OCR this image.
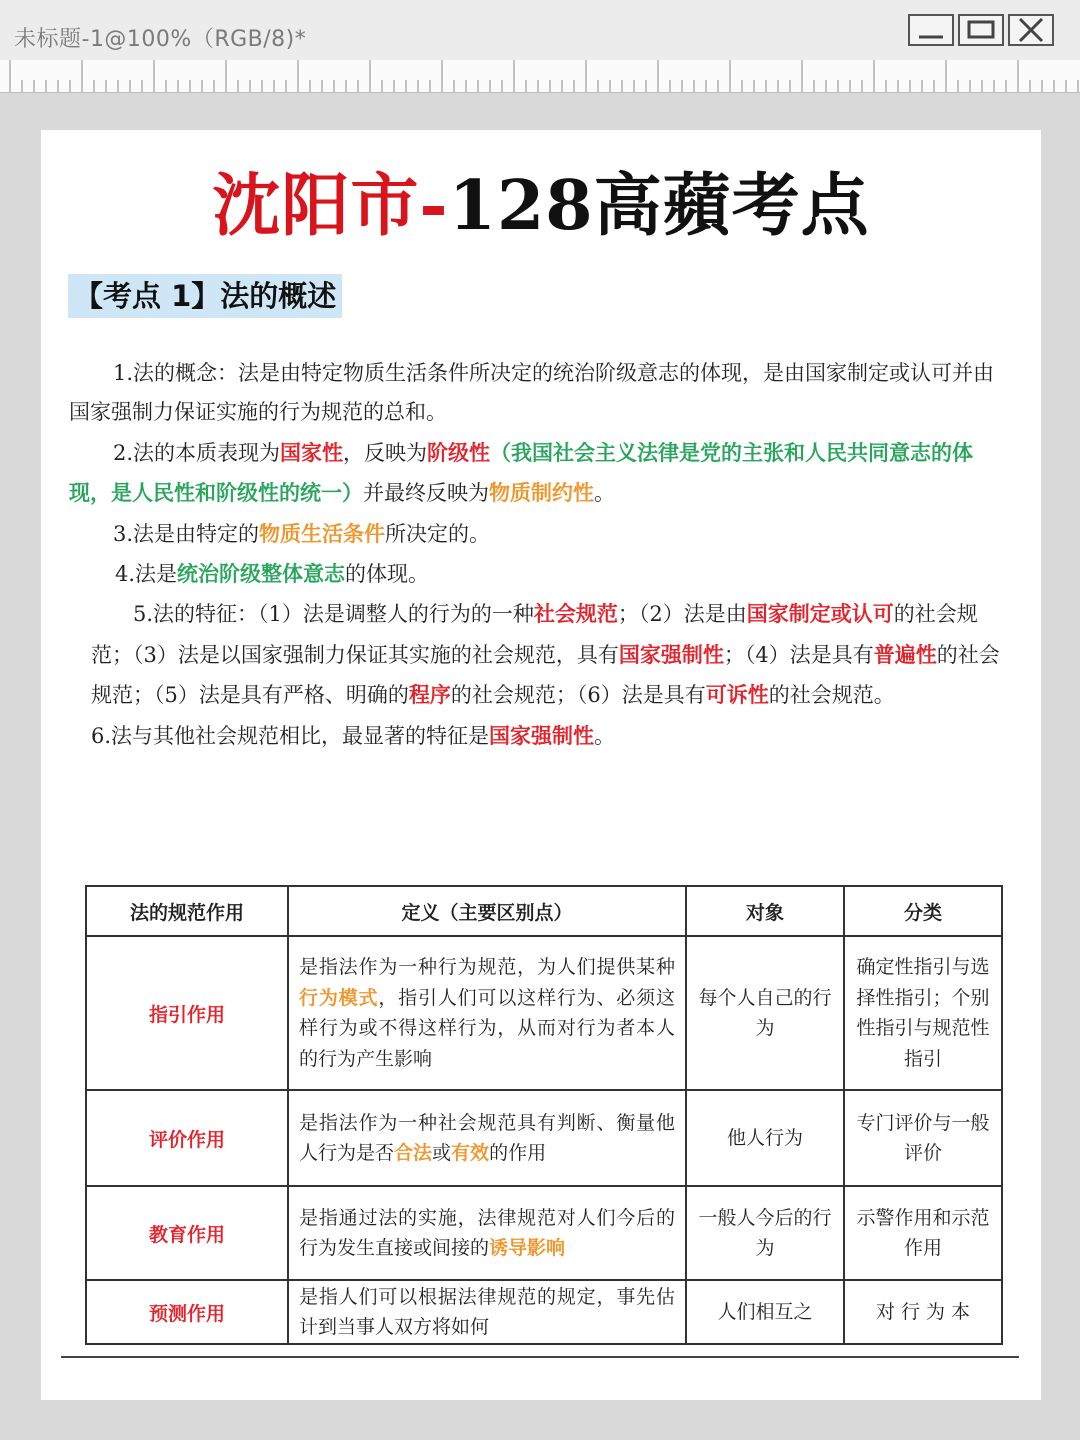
未标题-1@100%（RGB/8)*
沈阳市-128高蘋考点
【考点 1】法的概述

1.法的概念：法是由特定物质生活条件所决定的统治阶级意志的体现，是由国家制定或认可并由国家强制力保证实施的行为规范的总和。

2.法的本质表现为国家性，反映为阶级性（我国社会主义法律是党的主张和人民共同意志的体现，是人民性和阶级性的统一）并最终反映为物质制约性。

3.法是由特定的物质生活条件所决定的。

4.法是统治阶级整体意志的体现。

5.法的特征：（1）法是调整人的行为的一种社会规范；（2）法是由国家制定或认可的社会规范；（3）法是以国家强制力保证其实施的社会规范，具有国家强制性；（4）法是具有普遍性的社会规范；（5）法是具有严格、明确的程序的社会规范；（6）法是具有可诉性的社会规范。

6.法与其他社会规范相比，最显著的特征是国家强制性。

法的规范作用	定义（主要区别点）	对象	分类
指引作用	是指法作为一种行为规范，为人们提供某种行为模式，指引人们可以这样行为、必须这样行为或不得这样行为，从而对行为者本人的行为产生影响	每个人自己的行为	确定性指引与选择性指引；个别性指引与规范性指引
评价作用	是指法作为一种社会规范具有判断、衡量他人行为是否合法或有效的作用	他人行为	专门评价与一般评价
教育作用	是指通过法的实施，法律规范对人们今后的行为发生直接或间接的诱导影响	一般人今后的行为	示警作用和示范作用
预测作用	是指人们可以根据法律规范的规定，事先估计到当事人双方将如何	人们相互之	对 行 为 本
